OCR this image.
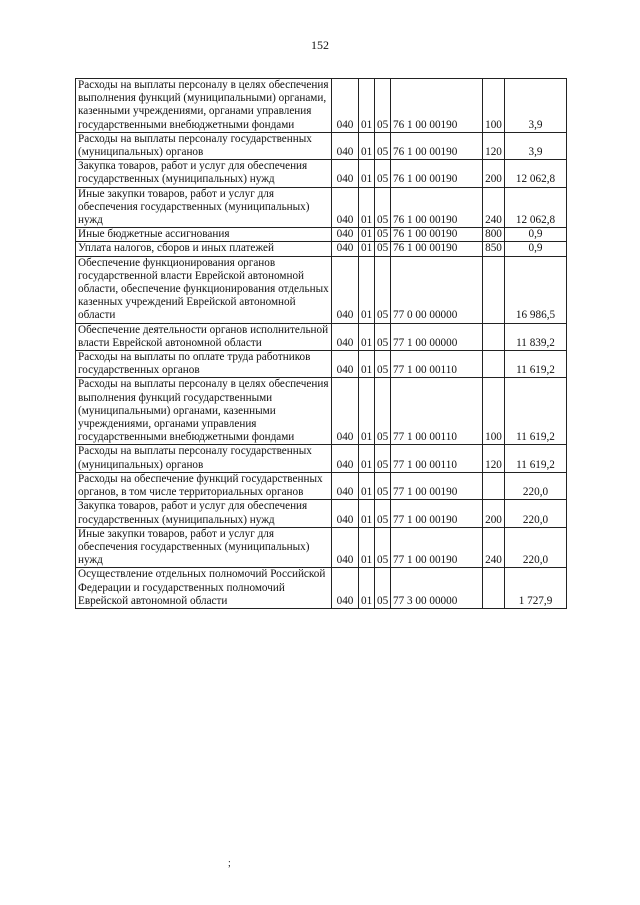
152
Расходы на выплаты персоналу в целях обеспечения выполнения функций (муниципальными) органами, казенными учреждениями, органами управления государственными внебюджетными фондами	040	01	05	76 1 00 00190	100	3,9
Расходы на выплаты персоналу государственных (муниципальных) органов	040	01	05	76 1 00 00190	120	3,9
Закупка товаров, работ и услуг для обеспечения государственных (муниципальных) нужд	040	01	05	76 1 00 00190	200	12 062,8
Иные закупки товаров, работ и услуг для обеспечения государственных (муниципальных) нужд	040	01	05	76 1 00 00190	240	12 062,8
Иные бюджетные ассигнования	040	01	05	76 1 00 00190	800	0,9
Уплата налогов, сборов и иных платежей	040	01	05	76 1 00 00190	850	0,9
Обеспечение функционирования органов государственной власти Еврейской автономной области, обеспечение функционирования отдельных казенных учреждений Еврейской автономной области	040	01	05	77 0 00 00000		16 986,5
Обеспечение деятельности органов исполнительной власти Еврейской автономной области	040	01	05	77 1 00 00000		11 839,2
Расходы на выплаты по оплате труда работников государственных органов	040	01	05	77 1 00 00110		11 619,2
Расходы на выплаты персоналу в целях обеспечения выполнения функций государственными (муниципальными) органами, казенными учреждениями, органами управления государственными внебюджетными фондами	040	01	05	77 1 00 00110	100	11 619,2
Расходы на выплаты персоналу государственных (муниципальных) органов	040	01	05	77 1 00 00110	120	11 619,2
Расходы на обеспечение функций государственных органов, в том числе территориальных органов	040	01	05	77 1 00 00190		220,0
Закупка товаров, работ и услуг для обеспечения государственных (муниципальных) нужд	040	01	05	77 1 00 00190	200	220,0
Иные закупки товаров, работ и услуг для обеспечения государственных (муниципальных) нужд	040	01	05	77 1 00 00190	240	220,0
Осуществление отдельных полномочий Российской Федерации и государственных полномочий Еврейской автономной области	040	01	05	77 3 00 00000		1 727,9
;
